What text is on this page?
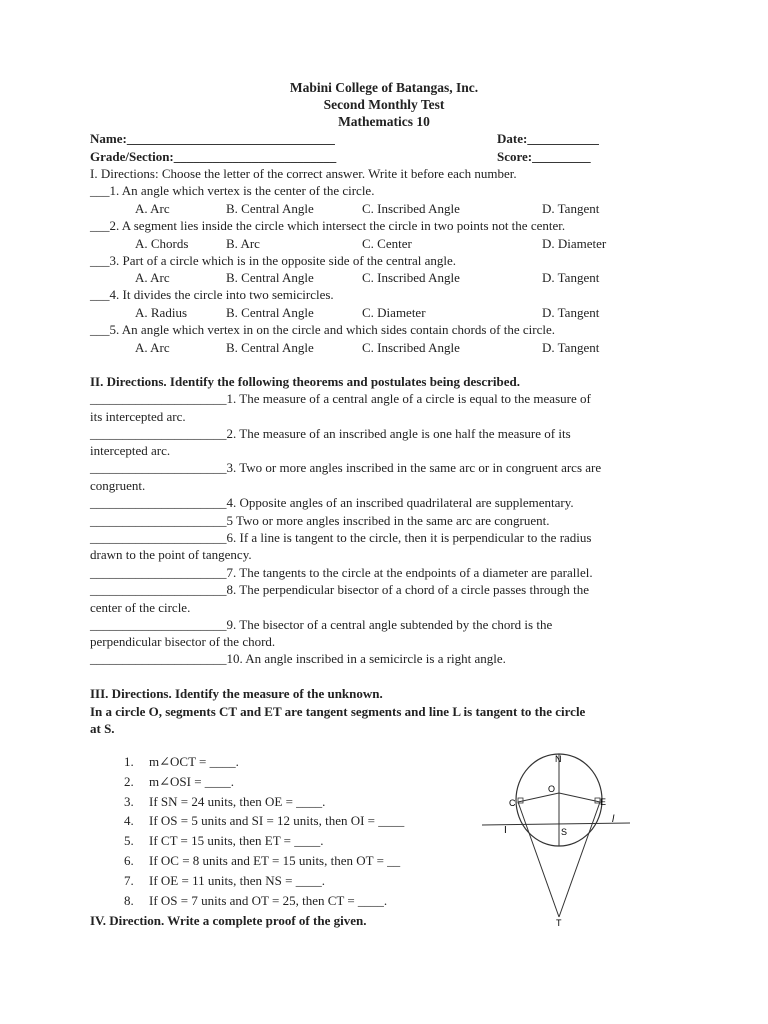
Mabini College of Batangas, Inc.
Second Monthly Test
Mathematics 10
Name:________________________________	Date:___________
Grade/Section:_________________________	Score:_________
I. Directions: Choose the letter of the correct answer. Write it before each number.
___1. An angle which vertex is the center of the circle.
A. Arc	B. Central Angle	C. Inscribed Angle	D. Tangent
___2. A segment lies inside the circle which intersect the circle in two points not the center.
A. Chords	B. Arc	C. Center	D. Diameter
___3. Part of a circle which is in the opposite side of the central angle.
A. Arc	B. Central Angle	C. Inscribed Angle	D. Tangent
___4. It divides the circle into two semicircles.
A. Radius	B. Central Angle	C. Diameter	D. Tangent
___5. An angle which vertex in on the circle and which sides contain chords of the circle.
A. Arc	B. Central Angle	C. Inscribed Angle	D. Tangent
II. Directions. Identify the following theorems and postulates being described.
_____________________1. The measure of a central angle of a circle is equal to the measure of
its intercepted arc.
_____________________2. The measure of an inscribed angle is one half the measure of its
intercepted arc.
_____________________3. Two or more angles inscribed in the same arc or in congruent arcs are
congruent.
_____________________4. Opposite angles of an inscribed quadrilateral are supplementary.
_____________________5 Two or more angles inscribed in the same arc are congruent.
_____________________6. If a line is tangent to the circle, then it is perpendicular to the radius
drawn to the point of tangency.
_____________________7. The tangents to the circle at the endpoints of a diameter are parallel.
_____________________8. The perpendicular bisector of a chord of a circle passes through the
center of the circle.
_____________________9. The bisector of a central angle subtended by the chord is the
perpendicular bisector of the chord.
_____________________10. An angle inscribed in a semicircle is a right angle.
III. Directions. Identify the measure of the unknown.
In a circle O, segments CT and ET are tangent segments and line L is tangent to the circle
at S.
1. m∠OCT = ____.
2. m∠OSI = ____.
3. If SN = 24 units, then OE = ____.
4. If OS = 5 units and SI = 12 units, then OI = ____
5. If CT = 15 units, then ET = ____.
6. If OC = 8 units and ET = 15 units, then OT = __
7. If OE = 11 units, then NS = ____.
8. If OS = 7 units and OT = 25, then CT = ____.
IV. Direction. Write a complete proof of the given.
N
O
C	E
S
T
I
l
